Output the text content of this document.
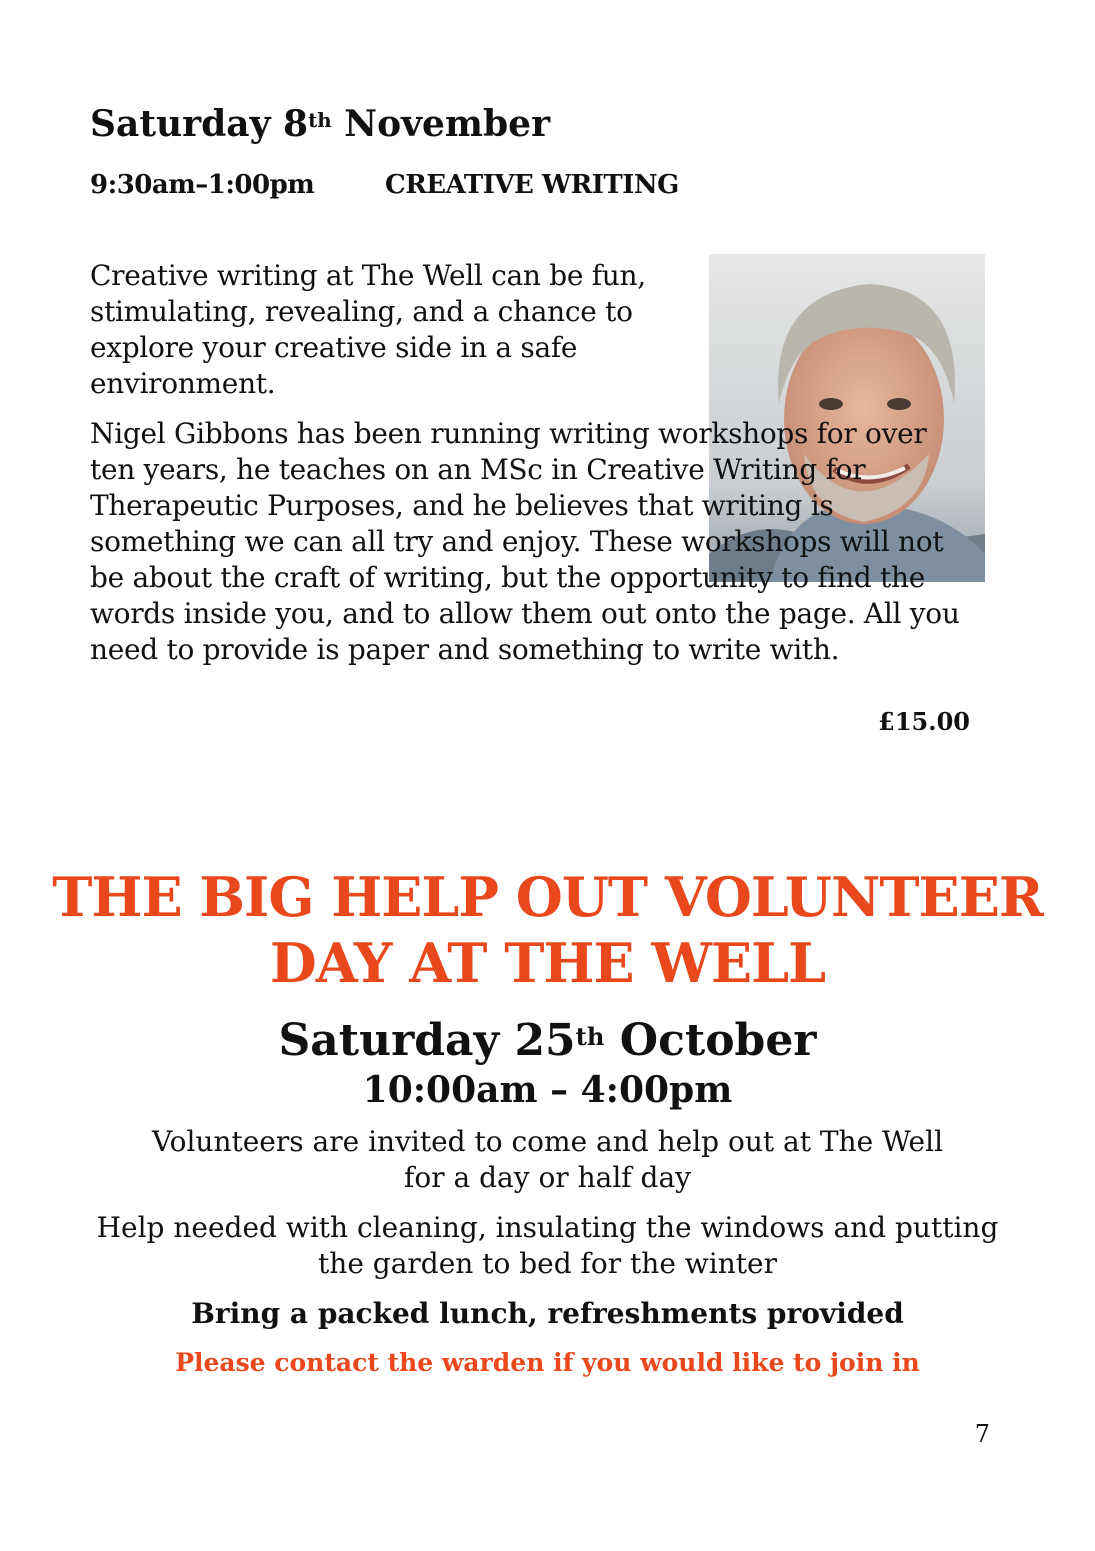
Saturday 8th November
9:30am–1:00pm	CREATIVE WRITING

Creative writing at The Well can be fun, stimulating, revealing, and a chance to explore your creative side in a safe environment.

Nigel Gibbons has been running writing workshops for over ten years, he teaches on an MSc in Creative Writing for Therapeutic Purposes, and he believes that writing is something we can all try and enjoy. These workshops will not be about the craft of writing, but the opportunity to find the words inside you, and to allow them out onto the page. All you need to provide is paper and something to write with.

£15.00
THE BIG HELP OUT VOLUNTEER
DAY AT THE WELL
Saturday 25th October
10:00am – 4:00pm
Volunteers are invited to come and help out at The Well
for a day or half day
Help needed with cleaning, insulating the windows and putting
the garden to bed for the winter
Bring a packed lunch, refreshments provided
Please contact the warden if you would like to join in
7
